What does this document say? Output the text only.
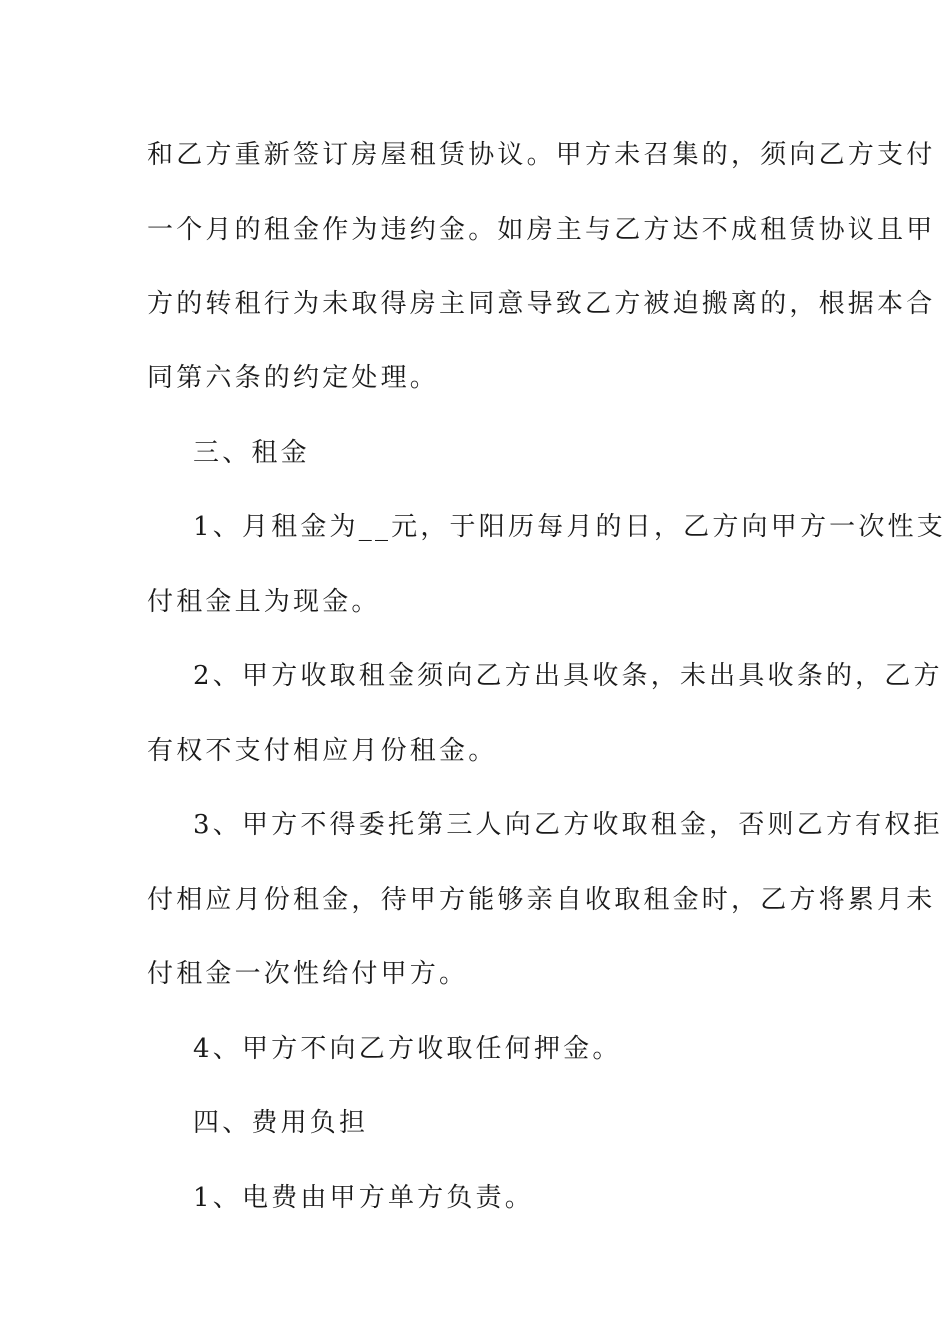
和乙方重新签订房屋租赁协议。甲方未召集的，须向乙方支付
一个月的租金作为违约金。如房主与乙方达不成租赁协议且甲
方的转租行为未取得房主同意导致乙方被迫搬离的，根据本合
同第六条的约定处理。
三、租金
1、月租金为__元，于阳历每月的日，乙方向甲方一次性支
付租金且为现金。
2、甲方收取租金须向乙方出具收条，未出具收条的，乙方
有权不支付相应月份租金。
3、甲方不得委托第三人向乙方收取租金，否则乙方有权拒
付相应月份租金，待甲方能够亲自收取租金时，乙方将累月未
付租金一次性给付甲方。
4、甲方不向乙方收取任何押金。
四、费用负担
1、电费由甲方单方负责。
